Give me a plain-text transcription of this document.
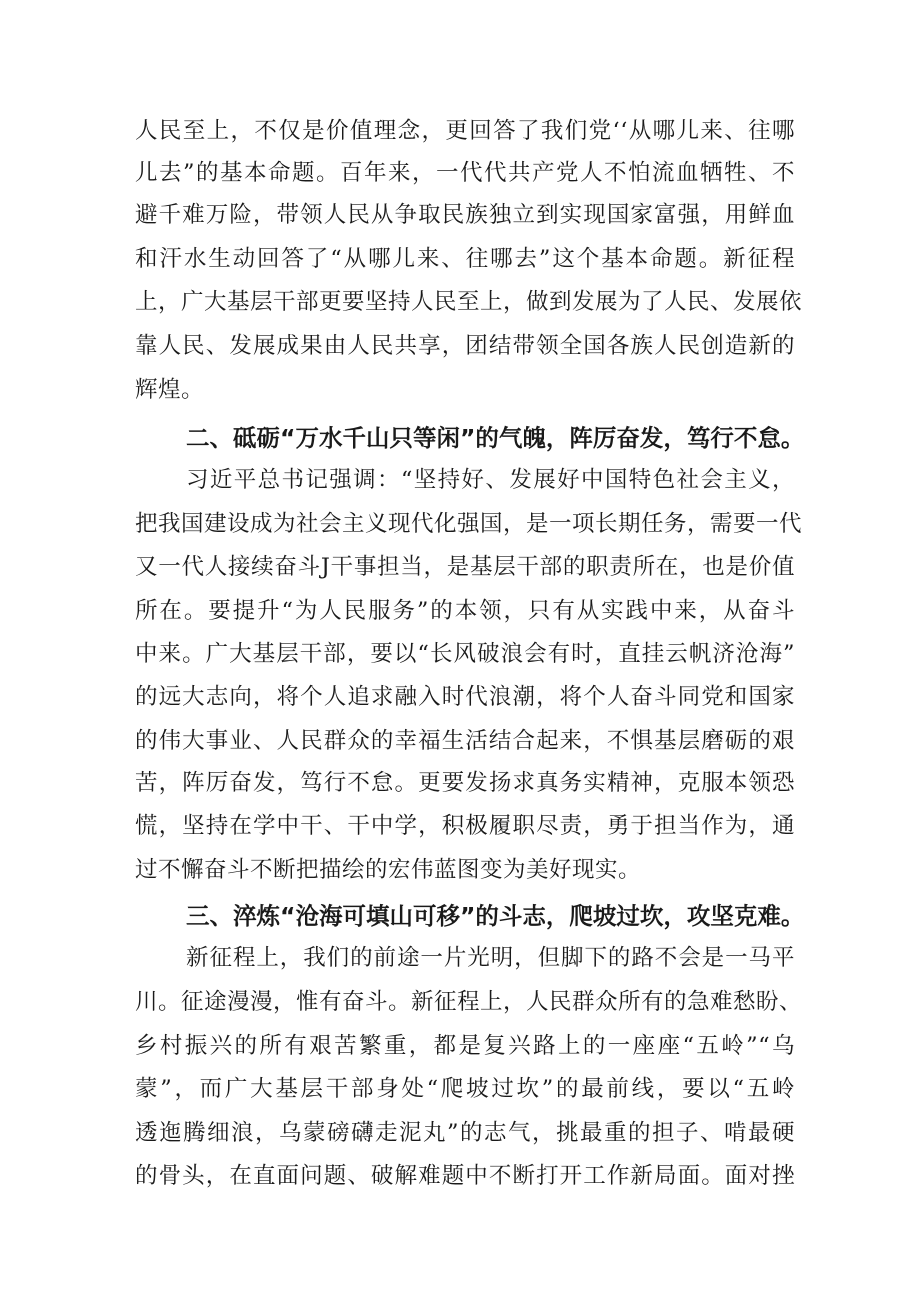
人民至上，不仅是价值理念，更回答了我们党‘‘从哪儿来、往哪
儿去”的基本命题。百年来，一代代共产党人不怕流血牺牲、不
避千难万险，带领人民从争取民族独立到实现国家富强，用鲜血
和汗水生动回答了“从哪儿来、往哪去”这个基本命题。新征程
上，广大基层干部更要坚持人民至上，做到发展为了人民、发展依
靠人民、发展成果由人民共享，团结带领全国各族人民创造新的
辉煌。
二、砥砺“万水千山只等闲”的气魄，阵厉奋发，笃行不怠。
习近平总书记强调：“坚持好、发展好中国特色社会主义，
把我国建设成为社会主义现代化强国，是一项长期任务，需要一代
又一代人接续奋斗J干事担当，是基层干部的职责所在，也是价值
所在。要提升“为人民服务”的本领，只有从实践中来，从奋斗
中来。广大基层干部，要以“长风破浪会有时，直挂云帆济沧海”
的远大志向，将个人追求融入时代浪潮，将个人奋斗同党和国家
的伟大事业、人民群众的幸福生活结合起来，不惧基层磨砺的艰
苦，阵厉奋发，笃行不怠。更要发扬求真务实精神，克服本领恐
慌，坚持在学中干、干中学，积极履职尽责，勇于担当作为，通
过不懈奋斗不断把描绘的宏伟蓝图变为美好现实。
三、淬炼“沧海可填山可移”的斗志，爬坡过坎，攻坚克难。
新征程上，我们的前途一片光明，但脚下的路不会是一马平
川。征途漫漫，惟有奋斗。新征程上，人民群众所有的急难愁盼、
乡村振兴的所有艰苦繁重，都是复兴路上的一座座“五岭”“乌
蒙”，而广大基层干部身处“爬坡过坎”的最前线，要以“五岭
透迤腾细浪，乌蒙磅礴走泥丸”的志气，挑最重的担子、啃最硬
的骨头，在直面问题、破解难题中不断打开工作新局面。面对挫
